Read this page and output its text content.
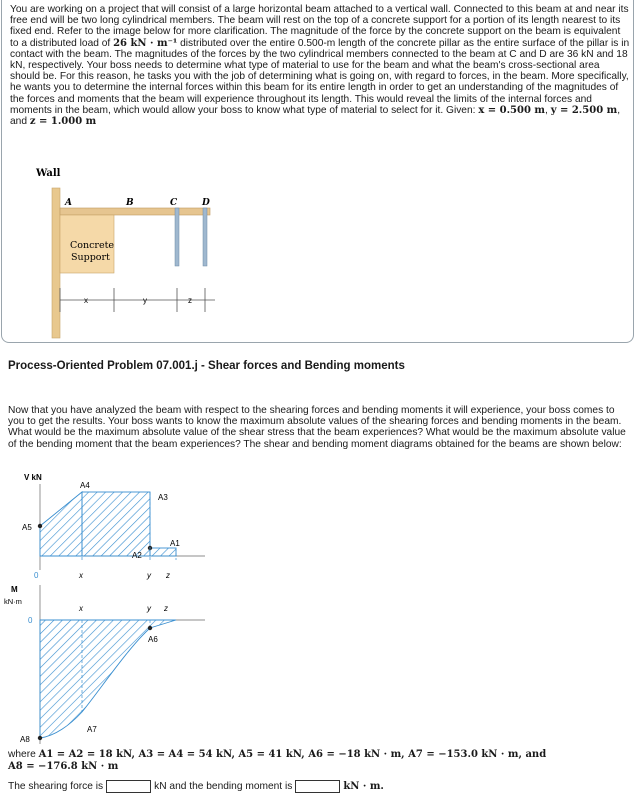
You are working on a project that will consist of a large horizontal beam attached to a vertical wall. Connected to this beam at and near its free end will be two long cylindrical members. The beam will rest on the top of a concrete support for a portion of its length nearest to its fixed end. Refer to the image below for more clarification. The magnitude of the force by the concrete support on the beam is equivalent to a distributed load of 26 kN · m⁻¹ distributed over the entire 0.500-m length of the concrete pillar as the entire surface of the pillar is in contact with the beam. The magnitudes of the forces by the two cylindrical members connected to the beam at C and D are 36 kN and 18 kN, respectively. Your boss needs to determine what type of material to use for the beam and what the beam's cross-sectional area should be. For this reason, he tasks you with the job of determining what is going on, with regard to forces, in the beam. More specifically, he wants you to determine the internal forces within this beam for its entire length in order to get an understanding of the magnitudes of the forces and moments that the beam will experience throughout its length. This would reveal the limits of the internal forces and moments in the beam, which would allow your boss to know what type of material to select for it. Given: x = 0.500 m, y = 2.500 m, and z = 1.000 m

Wall
Concrete
Support
A	B	C	D
x	y	z
Process-Oriented Problem 07.001.j - Shear forces and Bending moments

Now that you have analyzed the beam with respect to the shearing forces and bending moments it will experience, your boss comes to you to get the results. Your boss wants to know the maximum absolute values of the shearing forces and bending moments in the beam. What would be the maximum absolute value of the shear stress that the beam experiences? What would be the maximum absolute value of the bending moment that the beam experiences? The shear and bending moment diagrams obtained for the beams are shown below:

V kN
0
A4
A3
A5
A2
A1
x	y z
M
kN·m
0
x	y z
A6
A7
A8
where A1 = A2 = 18 kN, A3 = A4 = 54 kN, A5 = 41 kN, A6 = −18 kN · m, A7 = −153.0 kN · m, and
A8 = −176.8 kN · m
The shearing force is	kN and the bending moment is	kN · m.
